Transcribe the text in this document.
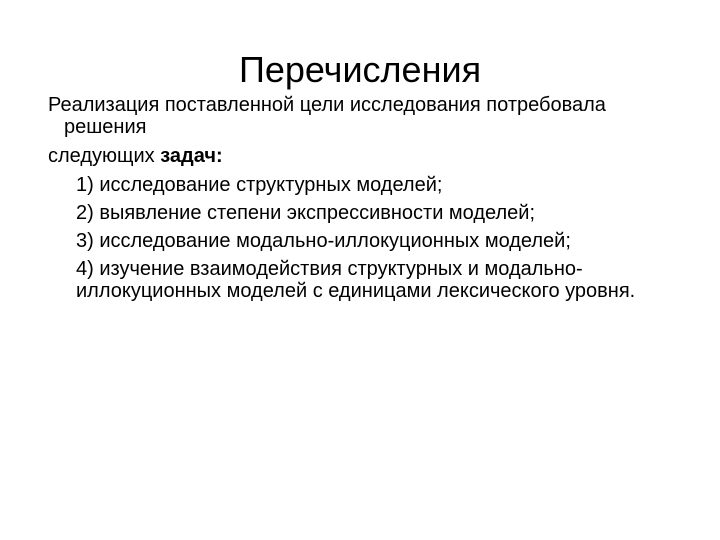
Перечисления

Реализация поставленной цели исследования потребовала решения

следующих задач:

1) исследование структурных моделей;

2) выявление степени экспрессивности моделей;

3) исследование модально-иллокуционных моделей;

4) изучение взаимодействия структурных и модально-иллокуционных моделей с единицами лексического уровня.
